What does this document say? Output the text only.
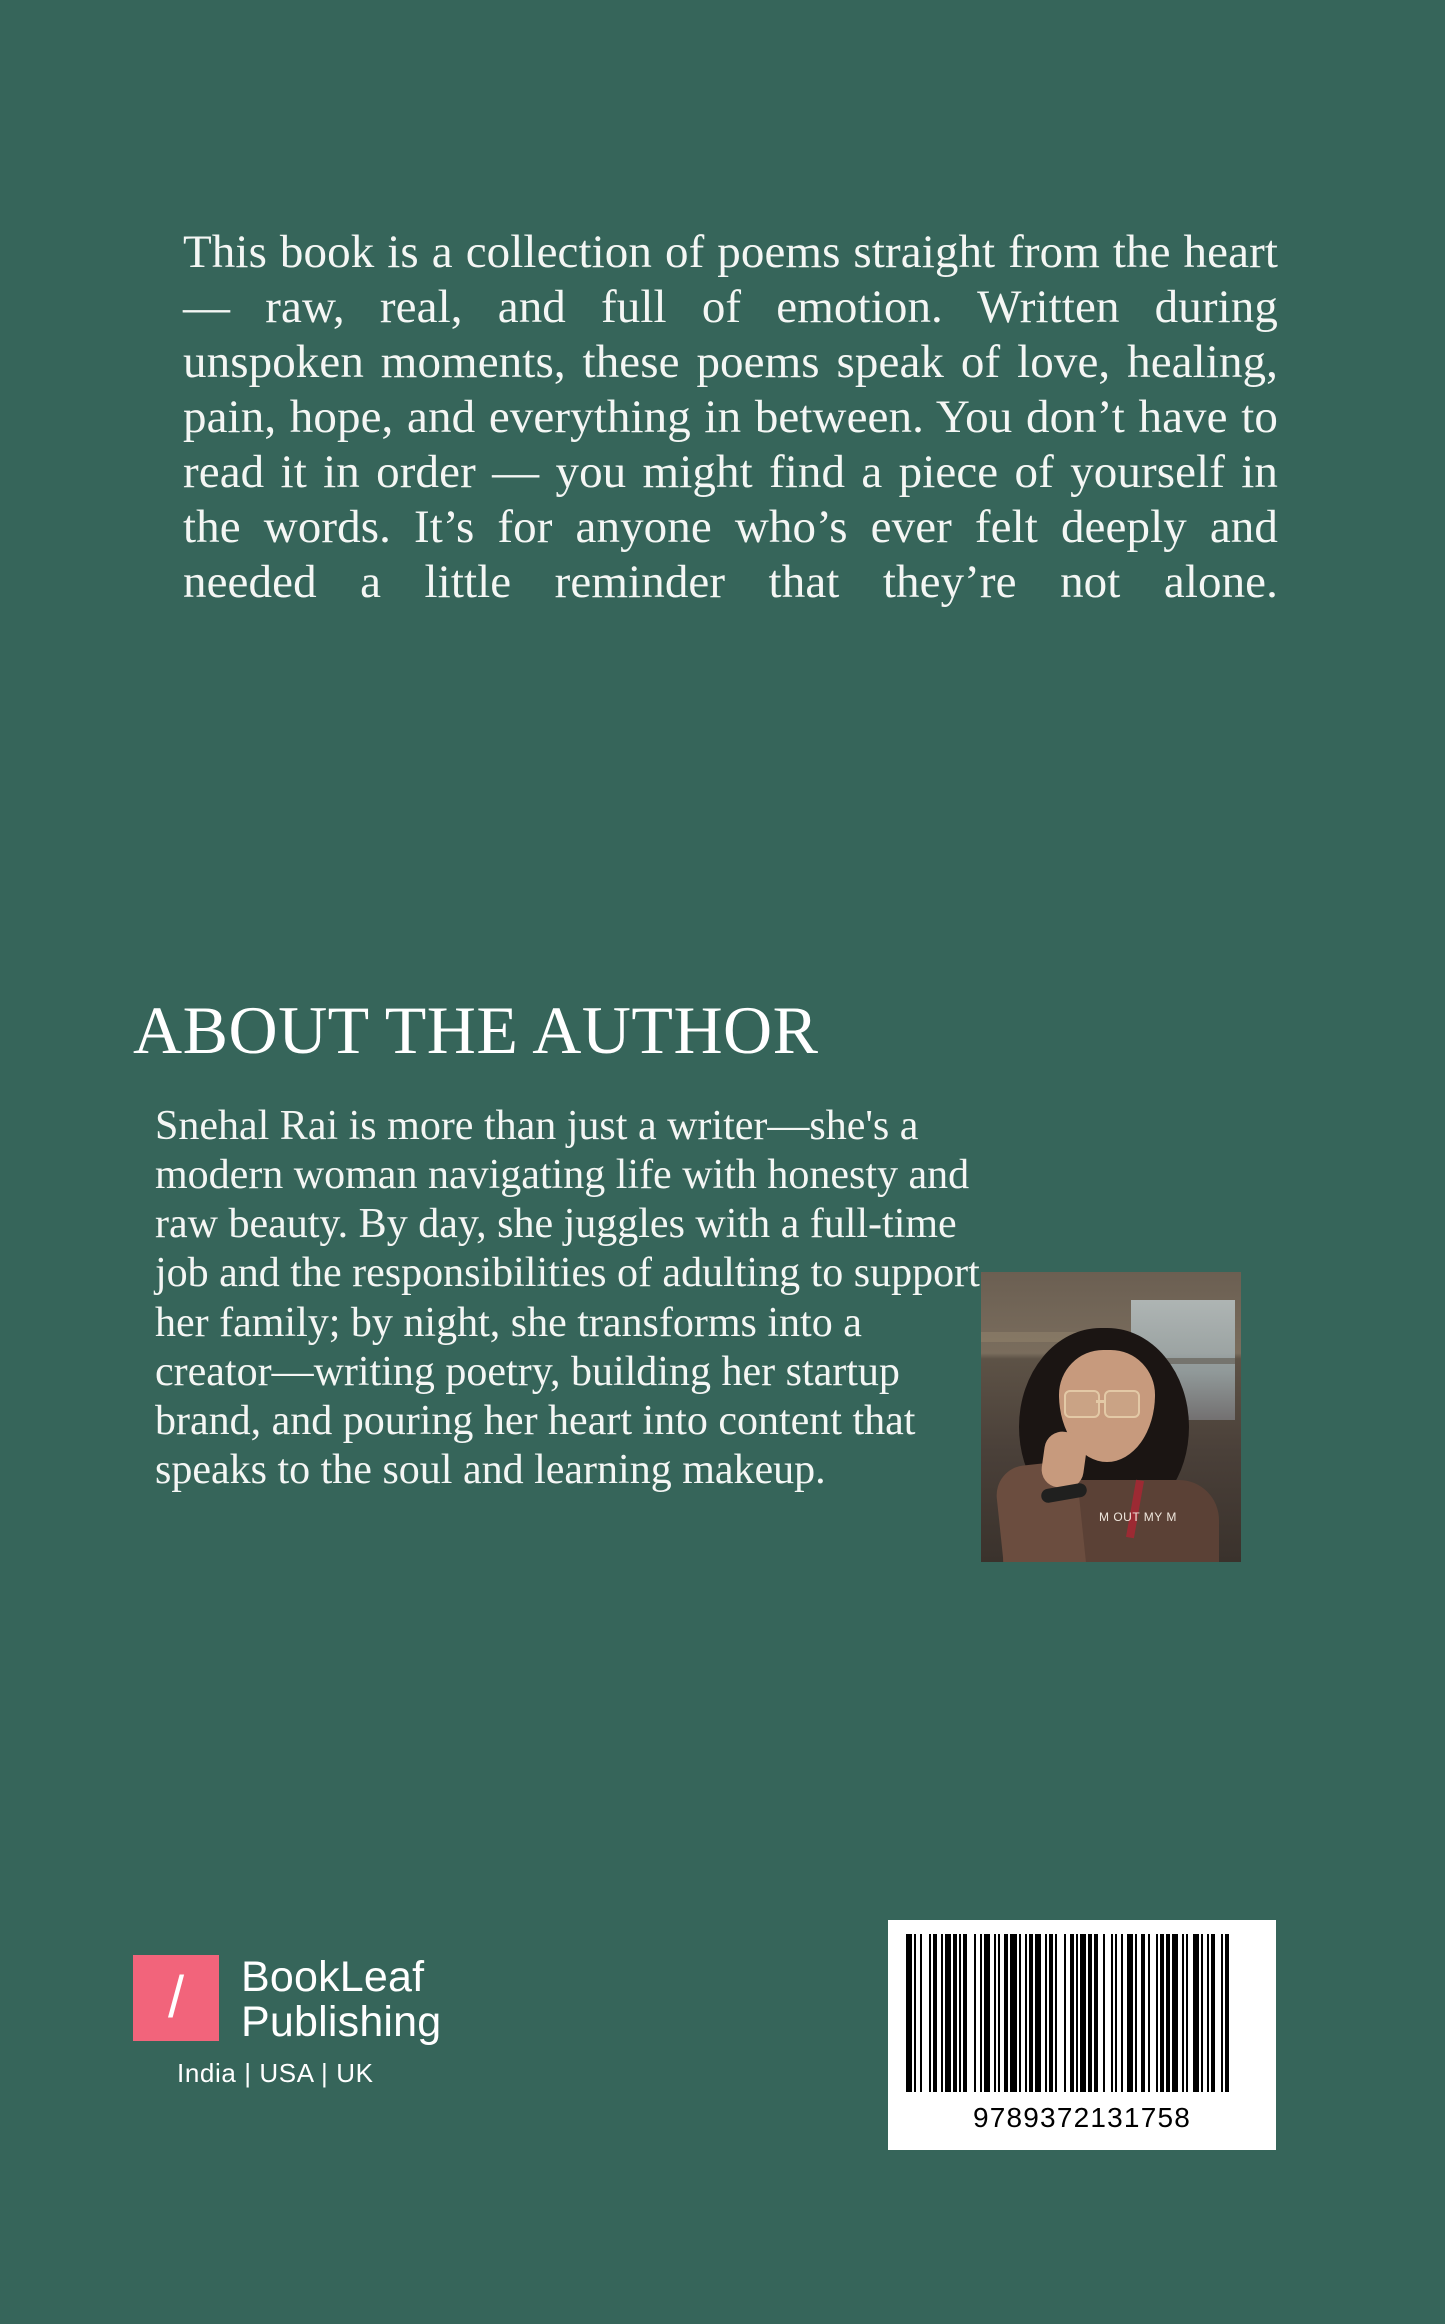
This book is a collection of poems straight from the heart — raw, real, and full of emotion. Written during unspoken moments, these poems speak of love, healing, pain, hope, and everything in between. You don’t have to read it in order — you might find a piece of yourself in the words. It’s for anyone who’s ever felt deeply and needed a little reminder that they’re not alone.

ABOUT THE AUTHOR

Snehal Rai is more than just a writer—she's a modern woman navigating life with honesty and raw beauty. By day, she juggles with a full-time job and the responsibilities of adulting to support her family; by night, she transforms into a creator—writing poetry, building her startup brand, and pouring her heart into content that speaks to the soul and learning makeup.

M OUT MY M
/	BookLeaf
Publishing
India | USA | UK
9789372131758
